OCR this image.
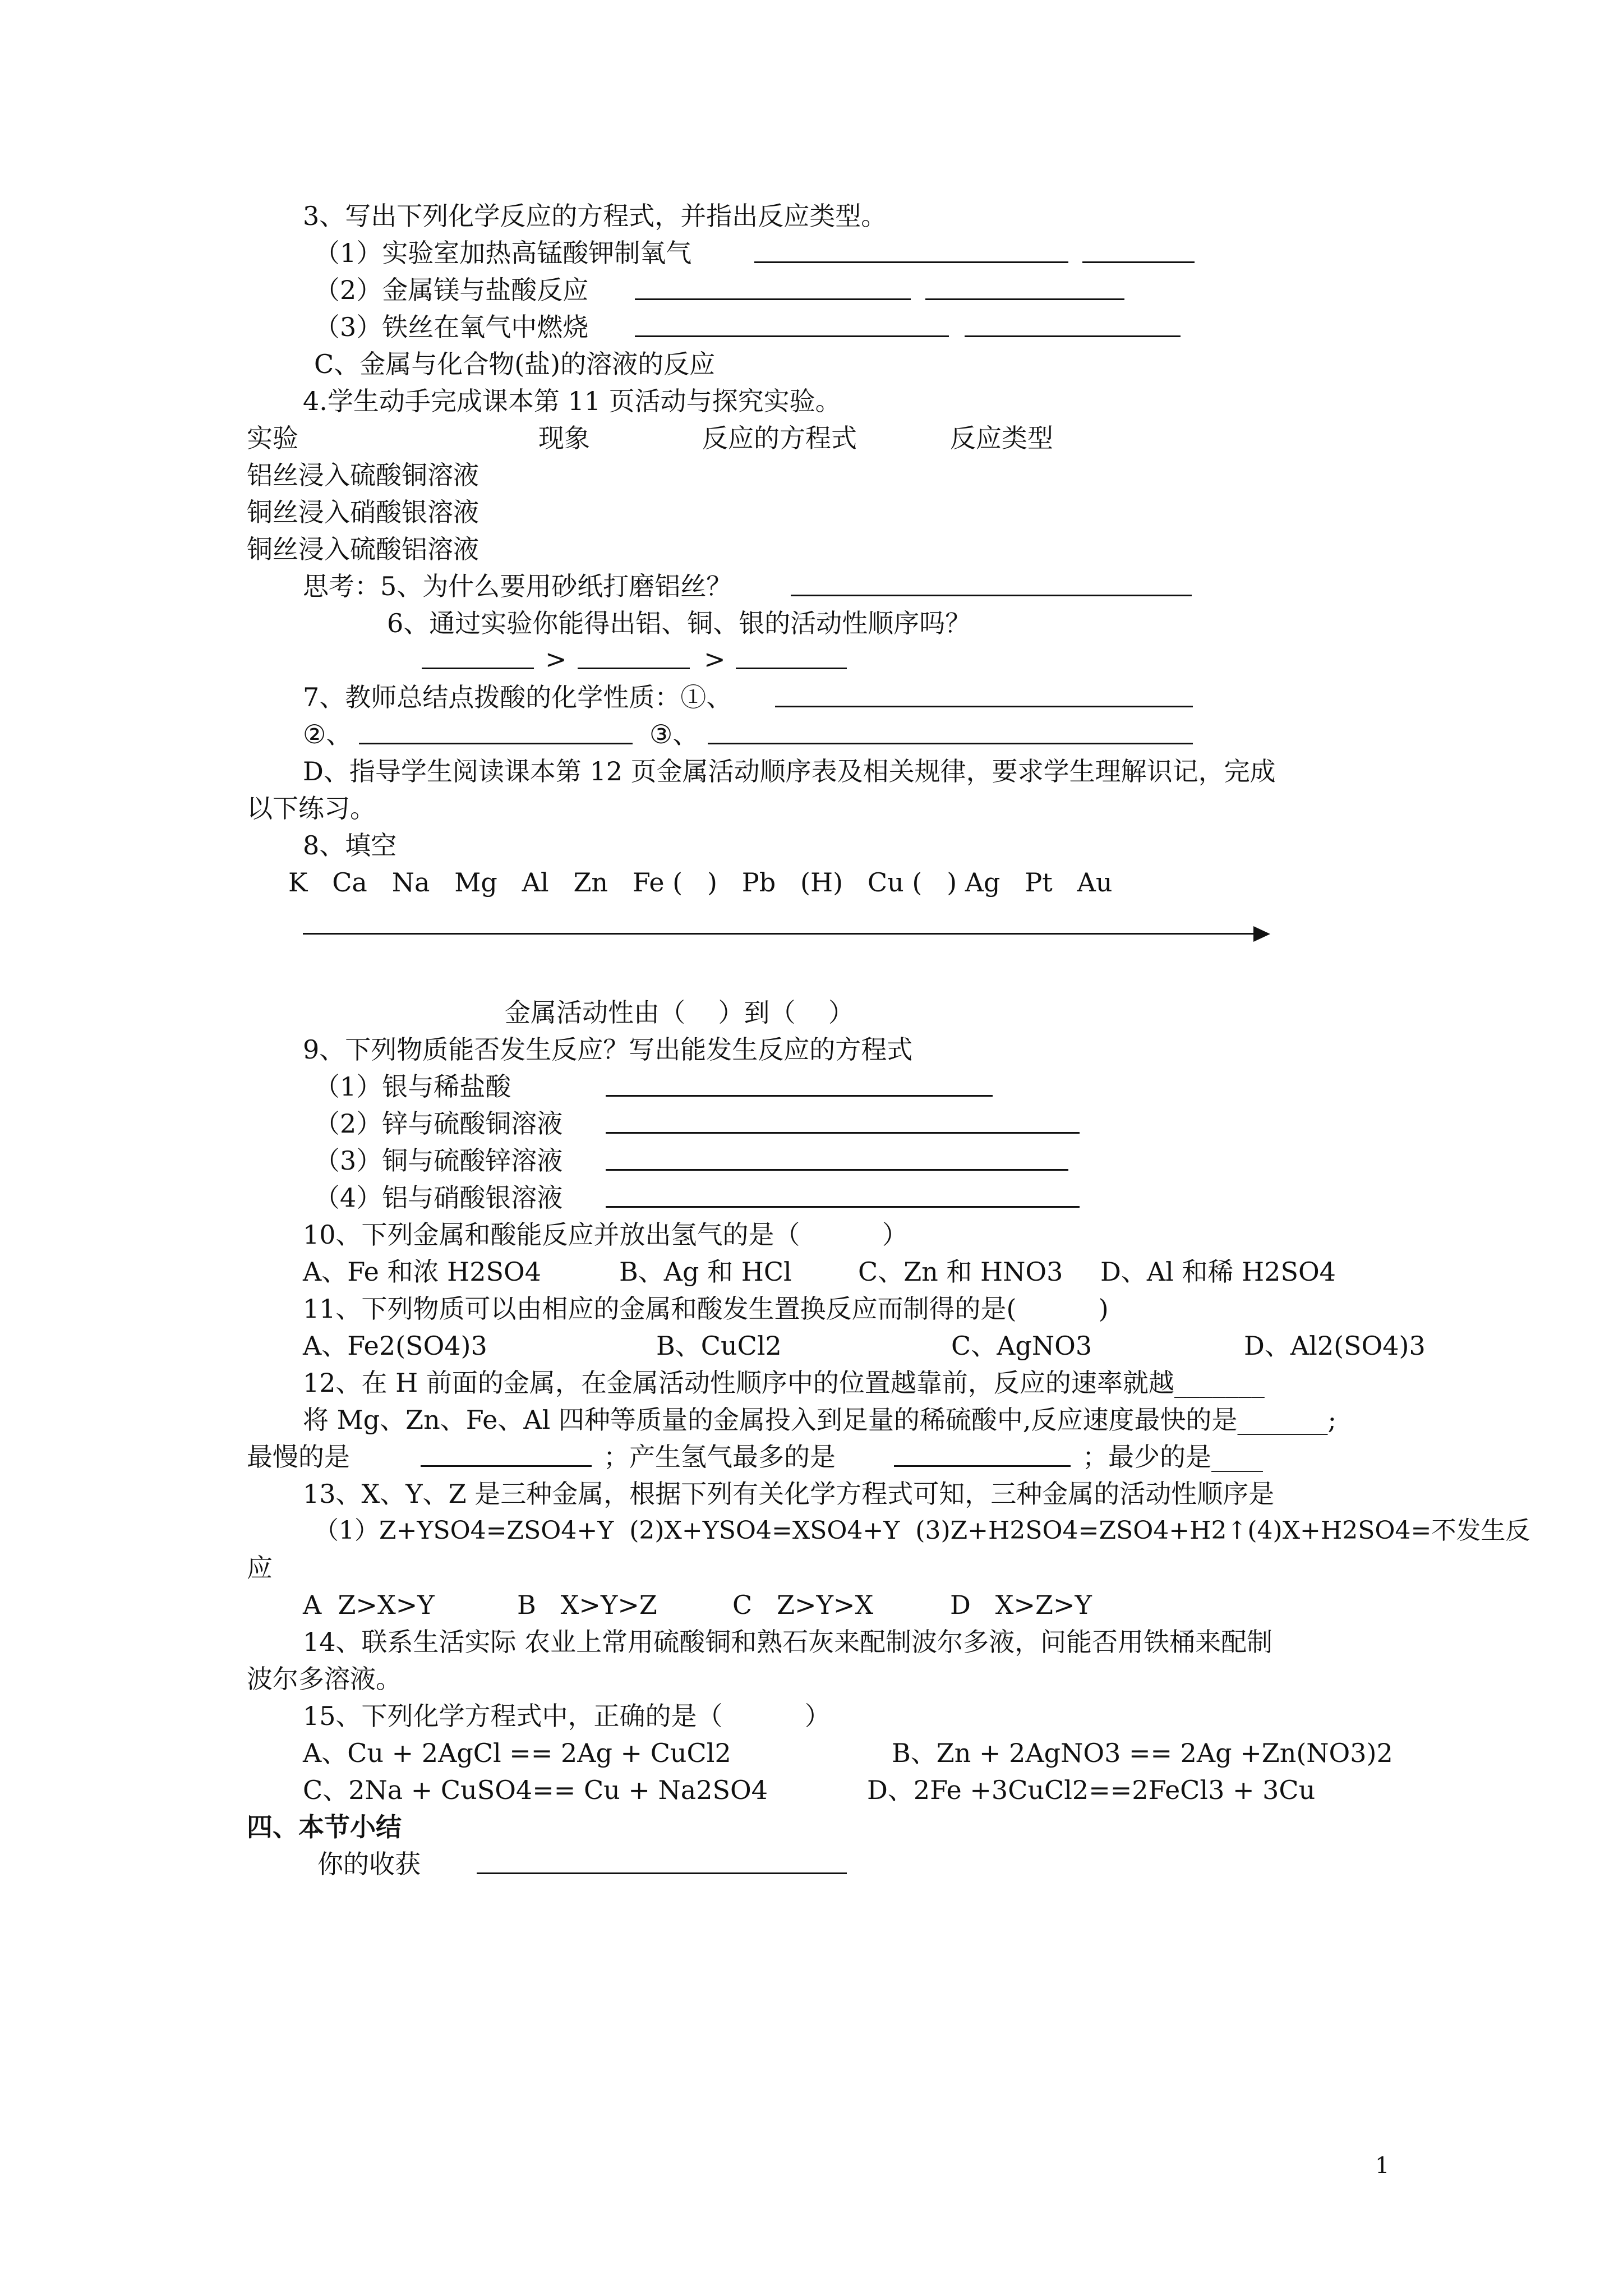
3、写出下列化学反应的方程式，并指出反应类型。
（1）实验室加热高锰酸钾制氧气
（2）金属镁与盐酸反应
（3）铁丝在氧气中燃烧
C、金属与化合物(盐)的溶液的反应
4.学生动手完成课本第 11 页活动与探究实验。
实验	现象	反应的方程式	反应类型
铝丝浸入硫酸铜溶液
铜丝浸入硝酸银溶液
铜丝浸入硫酸铝溶液
思考：5、为什么要用砂纸打磨铝丝？
6、通过实验你能得出铝、铜、银的活动性顺序吗？
>	>
7、教师总结点拨酸的化学性质：①、
②、	③、
D、指导学生阅读课本第 12 页金属活动顺序表及相关规律，要求学生理解识记，完成
以下练习。
8、填空
K   Ca   Na   Mg   Al   Zn   Fe (   )   Pb   (H)   Cu (   ) Ag   Pt   Au
金属活动性由（    ）到（    ）
9、下列物质能否发生反应？写出能发生反应的方程式
（1）银与稀盐酸
（2）锌与硫酸铜溶液
（3）铜与硫酸锌溶液
（4）铝与硝酸银溶液
10、下列金属和酸能反应并放出氢气的是（          ）
A、Fe 和浓 H2SO4	B、Ag 和 HCl	C、Zn 和 HNO3 D、Al 和稀 H2SO4
11、下列物质可以由相应的金属和酸发生置换反应而制得的是(          )
A、Fe2(SO4)3	B、CuCl2	C、AgNO3	D、Al2(SO4)3
12、在 H 前面的金属，在金属活动性顺序中的位置越靠前，反应的速率就越_______
将 Mg、Zn、Fe、Al 四种等质量的金属投入到足量的稀硫酸中,反应速度最快的是_______;
最慢的是	；产生氢气最多的是	；最少的是____
13、X、Y、Z 是三种金属，根据下列有关化学方程式可知，三种金属的活动性顺序是
（1）Z+YSO4=ZSO4+Y  (2)X+YSO4=XSO4+Y  (3)Z+H2SO4=ZSO4+H2↑(4)X+H2SO4=不发生反
应
A  Z>X>Y	B   X>Y>Z	C   Z>Y>X	D   X>Z>Y
14、联系生活实际 农业上常用硫酸铜和熟石灰来配制波尔多液，问能否用铁桶来配制
波尔多溶液。
15、下列化学方程式中，正确的是（          ）
A、Cu + 2AgCl == 2Ag + CuCl2	B、Zn + 2AgNO3 == 2Ag +Zn(NO3)2
C、2Na + CuSO4== Cu + Na2SO4	D、2Fe +3CuCl2==2FeCl3 + 3Cu
四、本节小结
你的收获
1
